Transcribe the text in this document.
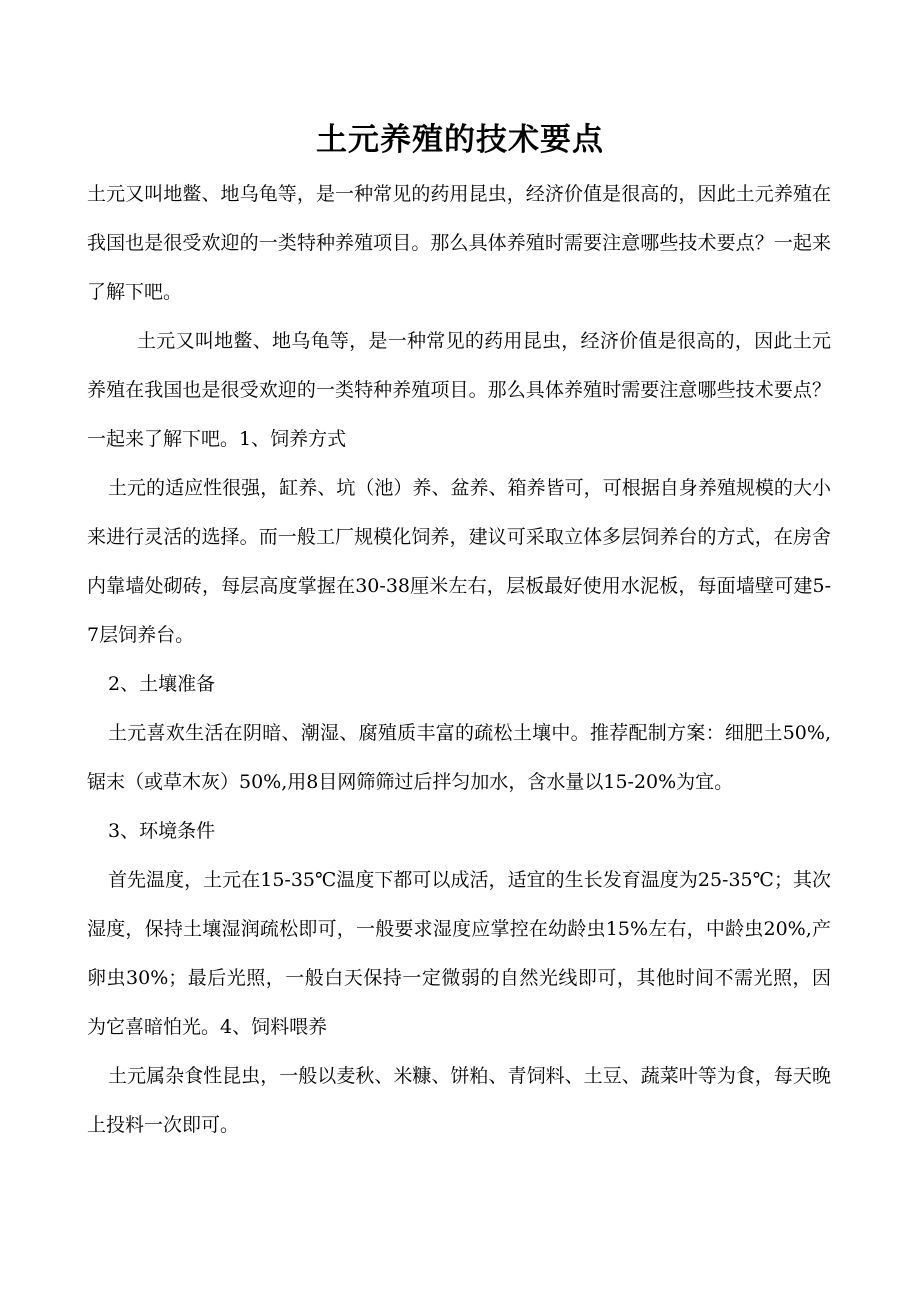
土元养殖的技术要点

土元又叫地鳖、地乌龟等，是一种常见的药用昆虫，经济价值是很高的，因此土元养殖在我国也是很受欢迎的一类特种养殖项目。那么具体养殖时需要注意哪些技术要点？一起来了解下吧。

土元又叫地鳖、地乌龟等，是一种常见的药用昆虫，经济价值是很高的，因此土元养殖在我国也是很受欢迎的一类特种养殖项目。那么具体养殖时需要注意哪些技术要点？一起来了解下吧。1、饲养方式

土元的适应性很强，缸养、坑（池）养、盆养、箱养皆可，可根据自身养殖规模的大小来进行灵活的选择。而一般工厂规模化饲养，建议可采取立体多层饲养台的方式，在房舍内靠墙处砌砖，每层高度掌握在30-38厘米左右，层板最好使用水泥板，每面墙壁可建5-7层饲养台。

2、土壤准备

土元喜欢生活在阴暗、潮湿、腐殖质丰富的疏松土壤中。推荐配制方案：细肥土50%,锯末（或草木灰）50%,用8目网筛筛过后拌匀加水，含水量以15-20%为宜。

3、环境条件

首先温度，土元在15-35℃温度下都可以成活，适宜的生长发育温度为25-35℃；其次湿度，保持土壤湿润疏松即可，一般要求湿度应掌控在幼龄虫15%左右，中龄虫20%,产卵虫30%；最后光照，一般白天保持一定微弱的自然光线即可，其他时间不需光照，因为它喜暗怕光。4、饲料喂养

土元属杂食性昆虫，一般以麦秋、米糠、饼粕、青饲料、土豆、蔬菜叶等为食，每天晚上投料一次即可。
